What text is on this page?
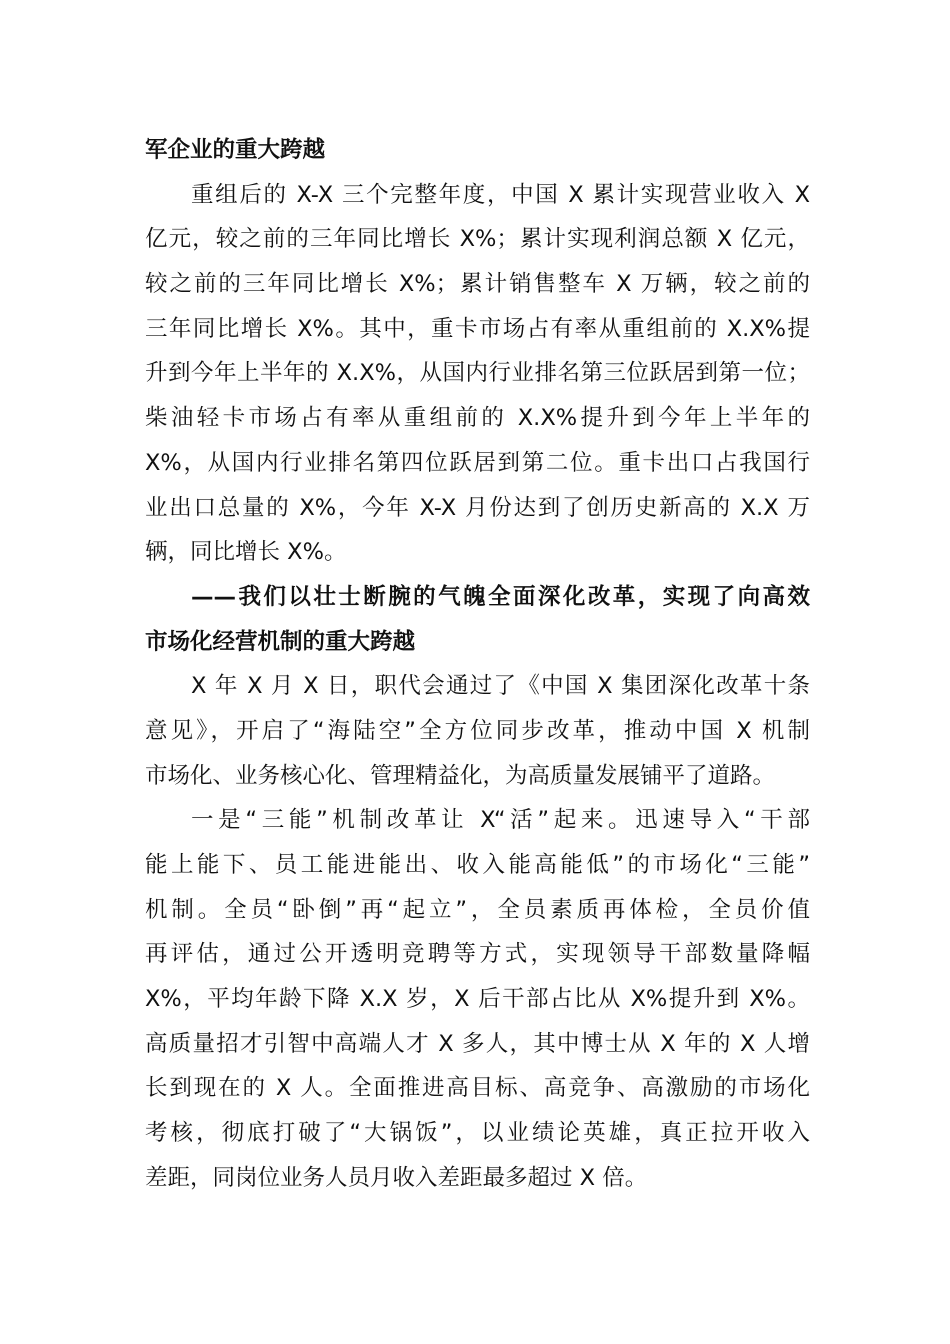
军企业的重大跨越
重组后的 X-X 三个完整年度，中国 X 累计实现营业收入 X
亿元，较之前的三年同比增长 X%；累计实现利润总额 X 亿元，
较之前的三年同比增长 X%；累计销售整车 X 万辆，较之前的
三年同比增长 X%。其中，重卡市场占有率从重组前的 X.X%提
升到今年上半年的 X.X%，从国内行业排名第三位跃居到第一位；
柴油轻卡市场占有率从重组前的 X.X%提升到今年上半年的
X%，从国内行业排名第四位跃居到第二位。重卡出口占我国行
业出口总量的 X%，今年 X-X 月份达到了创历史新高的 X.X 万
辆，同比增长 X%。
——我们以壮士断腕的气魄全面深化改革，实现了向高效
市场化经营机制的重大跨越
X 年 X 月 X 日，职代会通过了《中国 X 集团深化改革十条
意见》，开启了“海陆空”全方位同步改革，推动中国 X 机制
市场化、业务核心化、管理精益化，为高质量发展铺平了道路。
一是“三能”机制改革让 X“活”起来。迅速导入“干部
能上能下、员工能进能出、收入能高能低”的市场化“三能”
机制。全员“卧倒”再“起立”，全员素质再体检，全员价值
再评估，通过公开透明竞聘等方式，实现领导干部数量降幅
X%，平均年龄下降 X.X 岁，X 后干部占比从 X%提升到 X%。
高质量招才引智中高端人才 X 多人，其中博士从 X 年的 X 人增
长到现在的 X 人。全面推进高目标、高竞争、高激励的市场化
考核，彻底打破了“大锅饭”，以业绩论英雄，真正拉开收入
差距，同岗位业务人员月收入差距最多超过 X 倍。
